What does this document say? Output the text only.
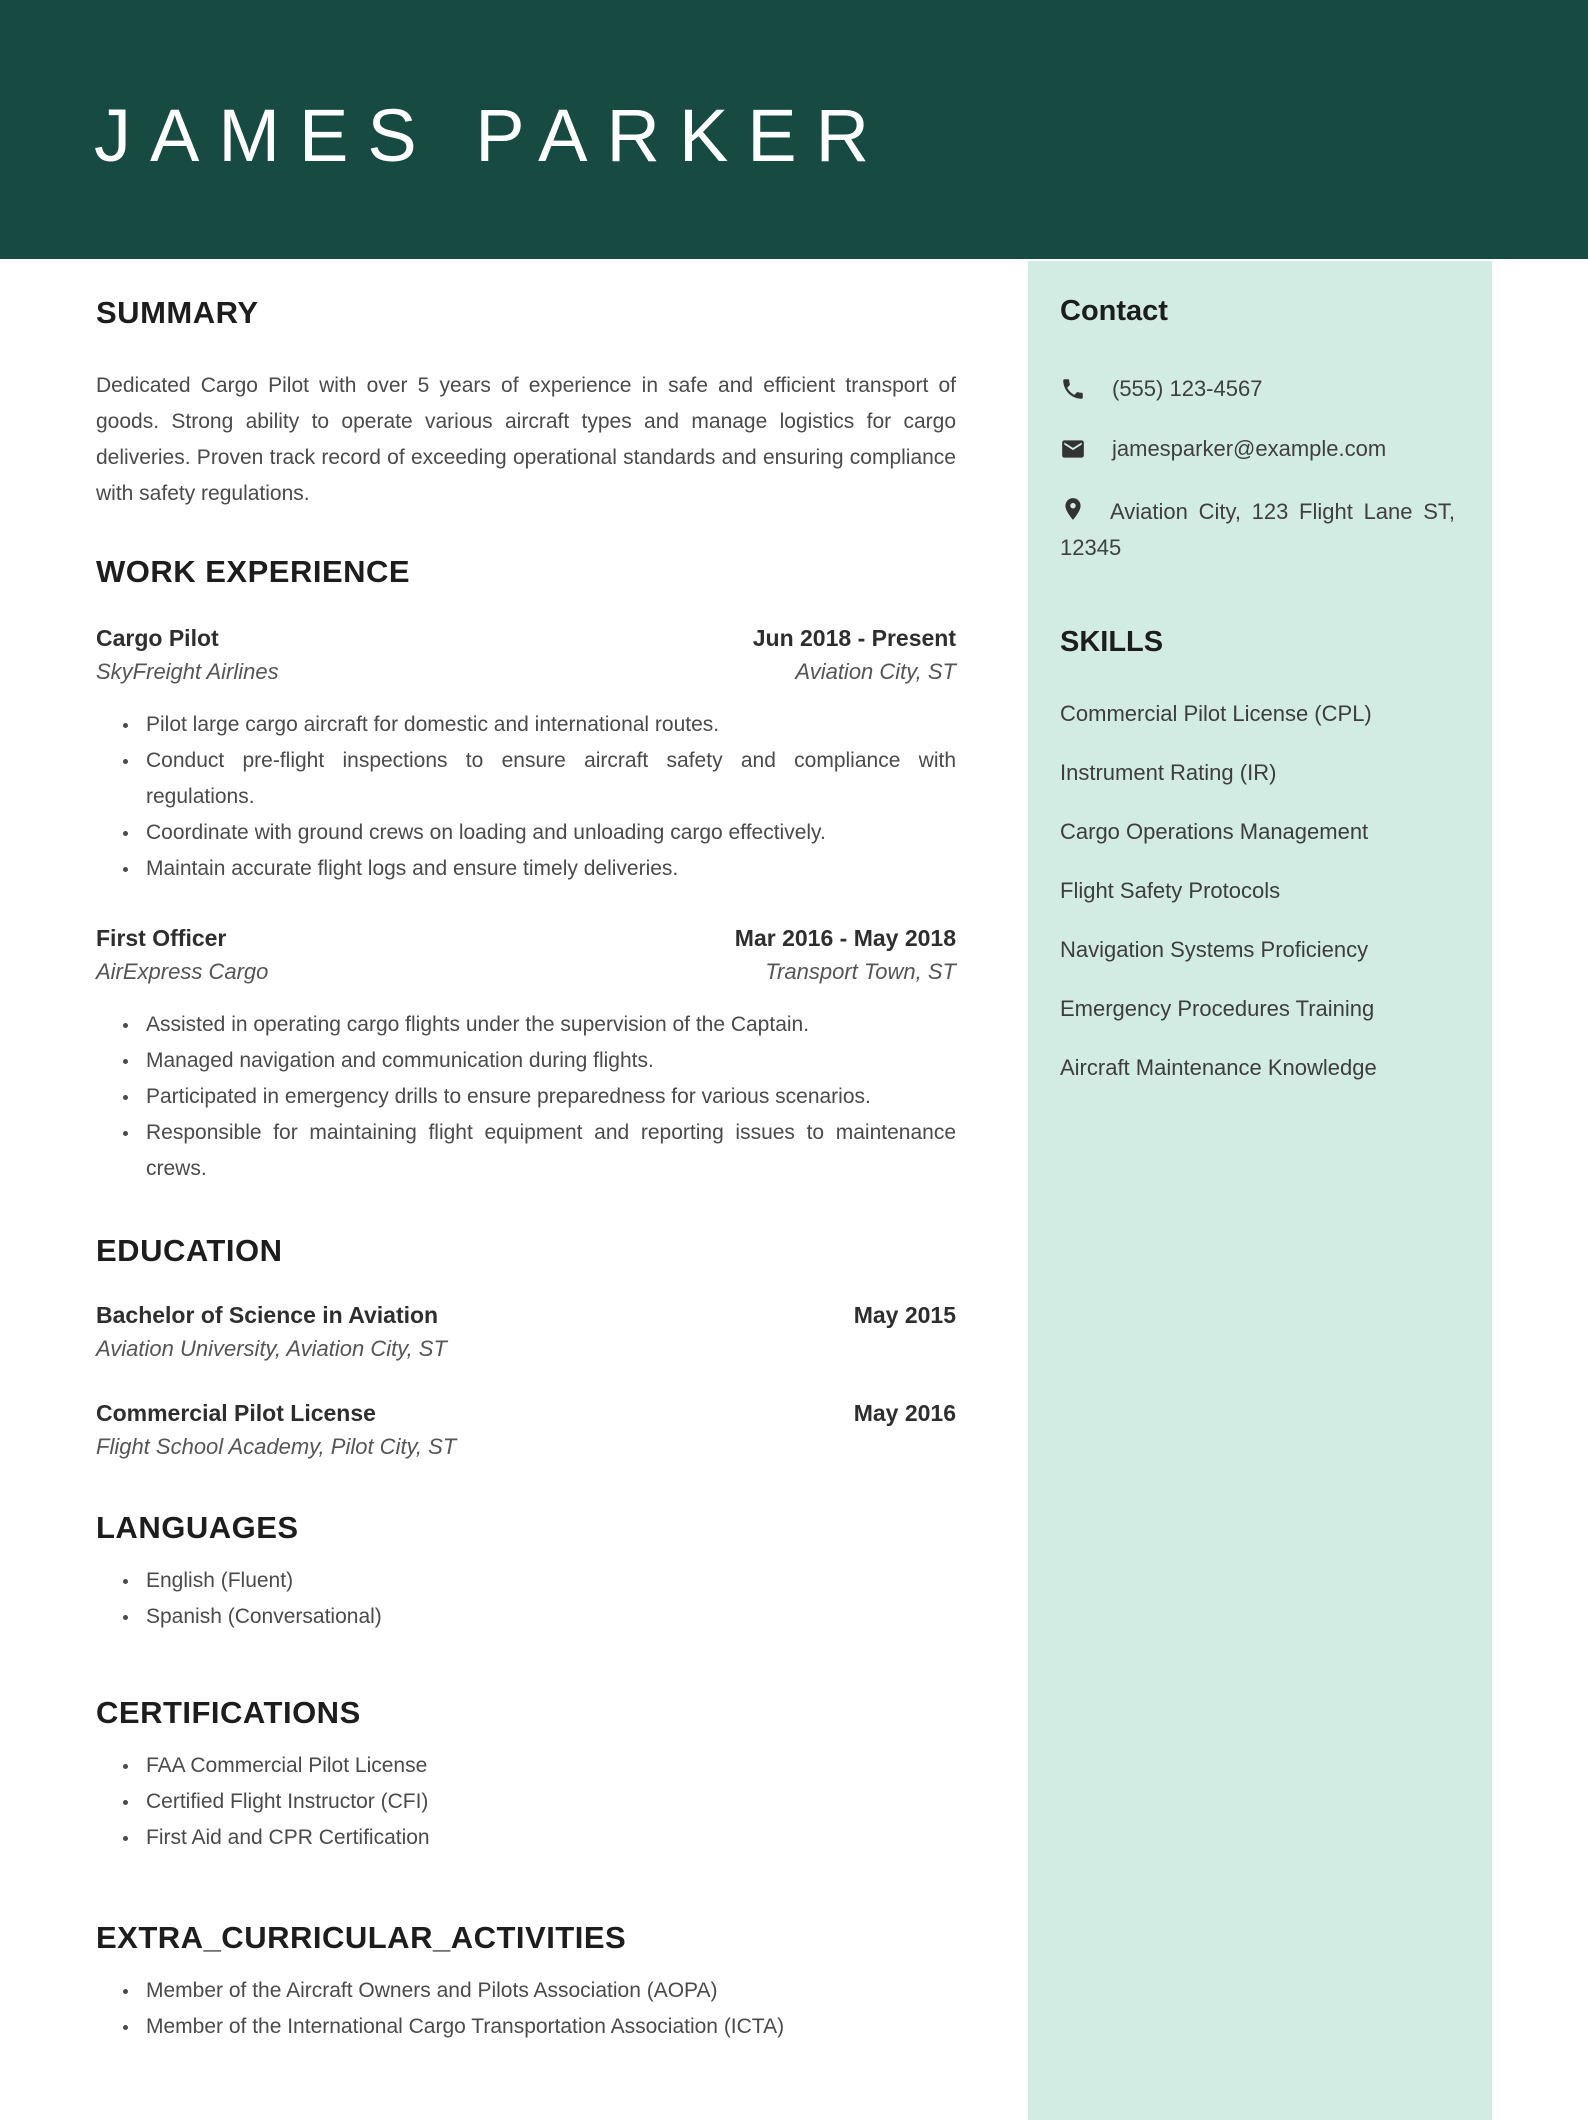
JAMES PARKER
SUMMARY

Dedicated Cargo Pilot with over 5 years of experience in safe and efficient transport of goods. Strong ability to operate various aircraft types and manage logistics for cargo deliveries. Proven track record of exceeding operational standards and ensuring compliance with safety regulations.

WORK EXPERIENCE
Cargo Pilot	Jun 2018 - Present
SkyFreight Airlines	Aviation City, ST
• Pilot large cargo aircraft for domestic and international routes.
• Conduct pre-flight inspections to ensure aircraft safety and compliance with regulations.
• Coordinate with ground crews on loading and unloading cargo effectively.
• Maintain accurate flight logs and ensure timely deliveries.
First Officer	Mar 2016 - May 2018
AirExpress Cargo	Transport Town, ST
• Assisted in operating cargo flights under the supervision of the Captain.
• Managed navigation and communication during flights.
• Participated in emergency drills to ensure preparedness for various scenarios.
• Responsible for maintaining flight equipment and reporting issues to maintenance crews.
EDUCATION
Bachelor of Science in Aviation	May 2015
Aviation University, Aviation City, ST
Commercial Pilot License	May 2016
Flight School Academy, Pilot City, ST
LANGUAGES
• English (Fluent)
• Spanish (Conversational)
CERTIFICATIONS
• FAA Commercial Pilot License
• Certified Flight Instructor (CFI)
• First Aid and CPR Certification
EXTRA_CURRICULAR_ACTIVITIES
• Member of the Aircraft Owners and Pilots Association (AOPA)
• Member of the International Cargo Transportation Association (ICTA)
Contact
(555) 123-4567
jamesparker@example.com
Aviation City, 123 Flight Lane ST, 12345
SKILLS
Commercial Pilot License (CPL)
Instrument Rating (IR)
Cargo Operations Management
Flight Safety Protocols
Navigation Systems Proficiency
Emergency Procedures Training
Aircraft Maintenance Knowledge
